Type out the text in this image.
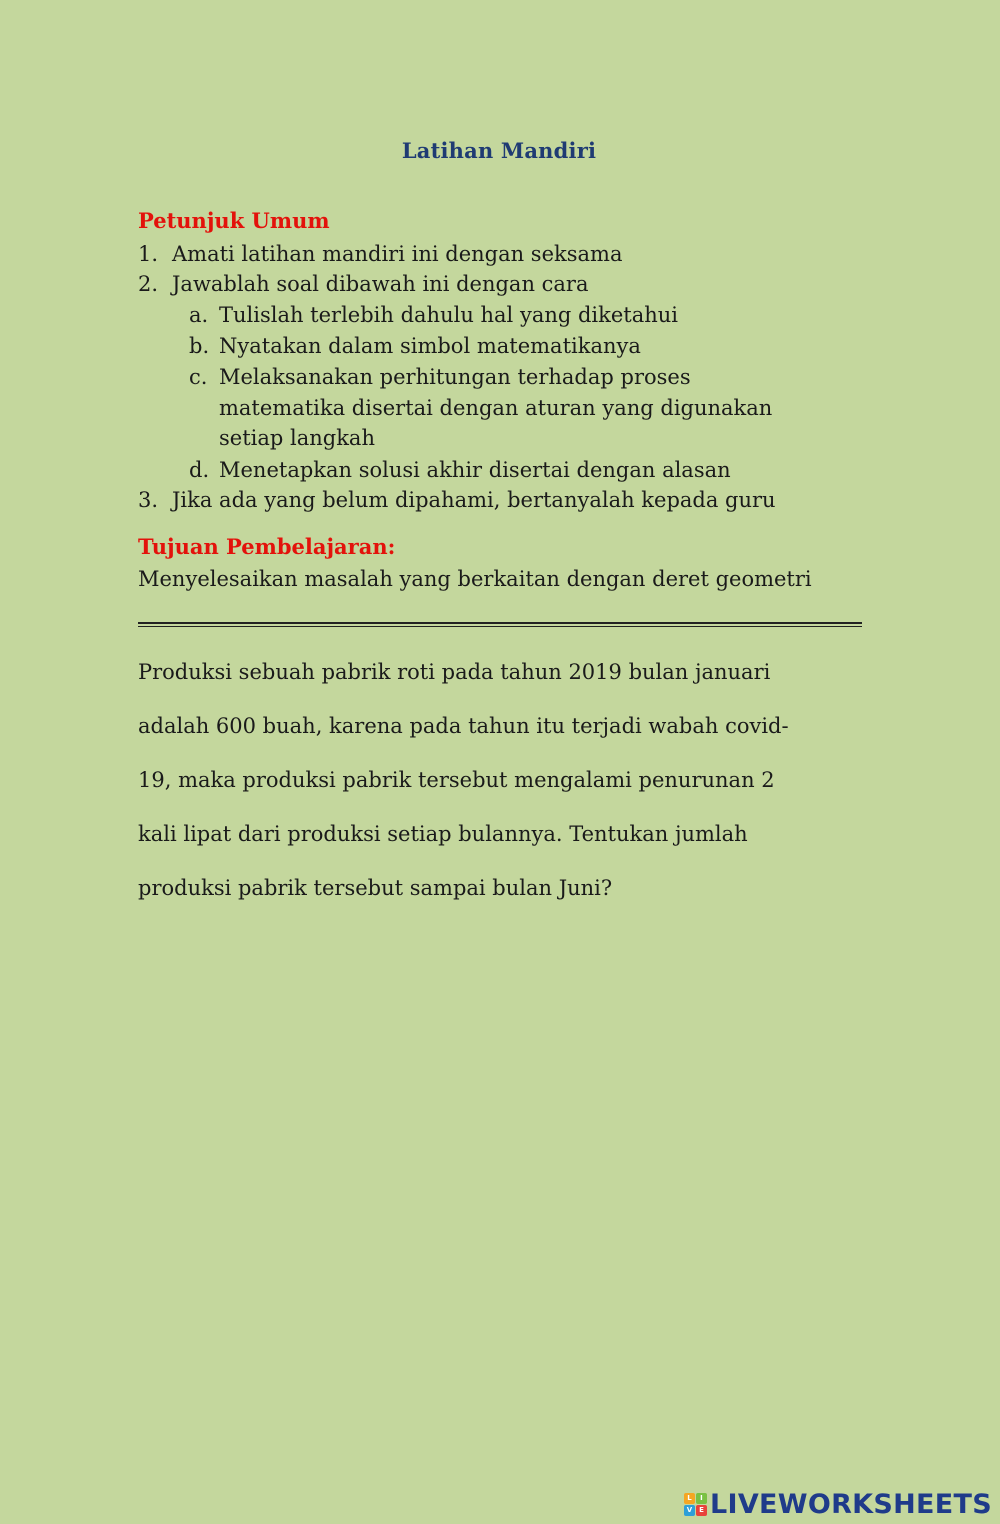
Latihan Mandiri
Petunjuk Umum
1. Amati latihan mandiri ini dengan seksama
2. Jawablah soal dibawah ini dengan cara
a. Tulislah terlebih dahulu hal yang diketahui
b. Nyatakan dalam simbol matematikanya
c. Melaksanakan perhitungan terhadap proses
matematika disertai dengan aturan yang digunakan
setiap langkah
d. Menetapkan solusi akhir disertai dengan alasan
3. Jika ada yang belum dipahami, bertanyalah kepada guru
Tujuan Pembelajaran:
Menyelesaikan masalah yang berkaitan dengan deret geometri
Produksi sebuah pabrik roti pada tahun 2019 bulan januari
adalah 600 buah, karena pada tahun itu terjadi wabah covid-
19, maka produksi pabrik tersebut mengalami penurunan 2
kali lipat dari produksi setiap bulannya. Tentukan jumlah
produksi pabrik tersebut sampai bulan Juni?
L	I
V E LIVEWORKSHEETS
